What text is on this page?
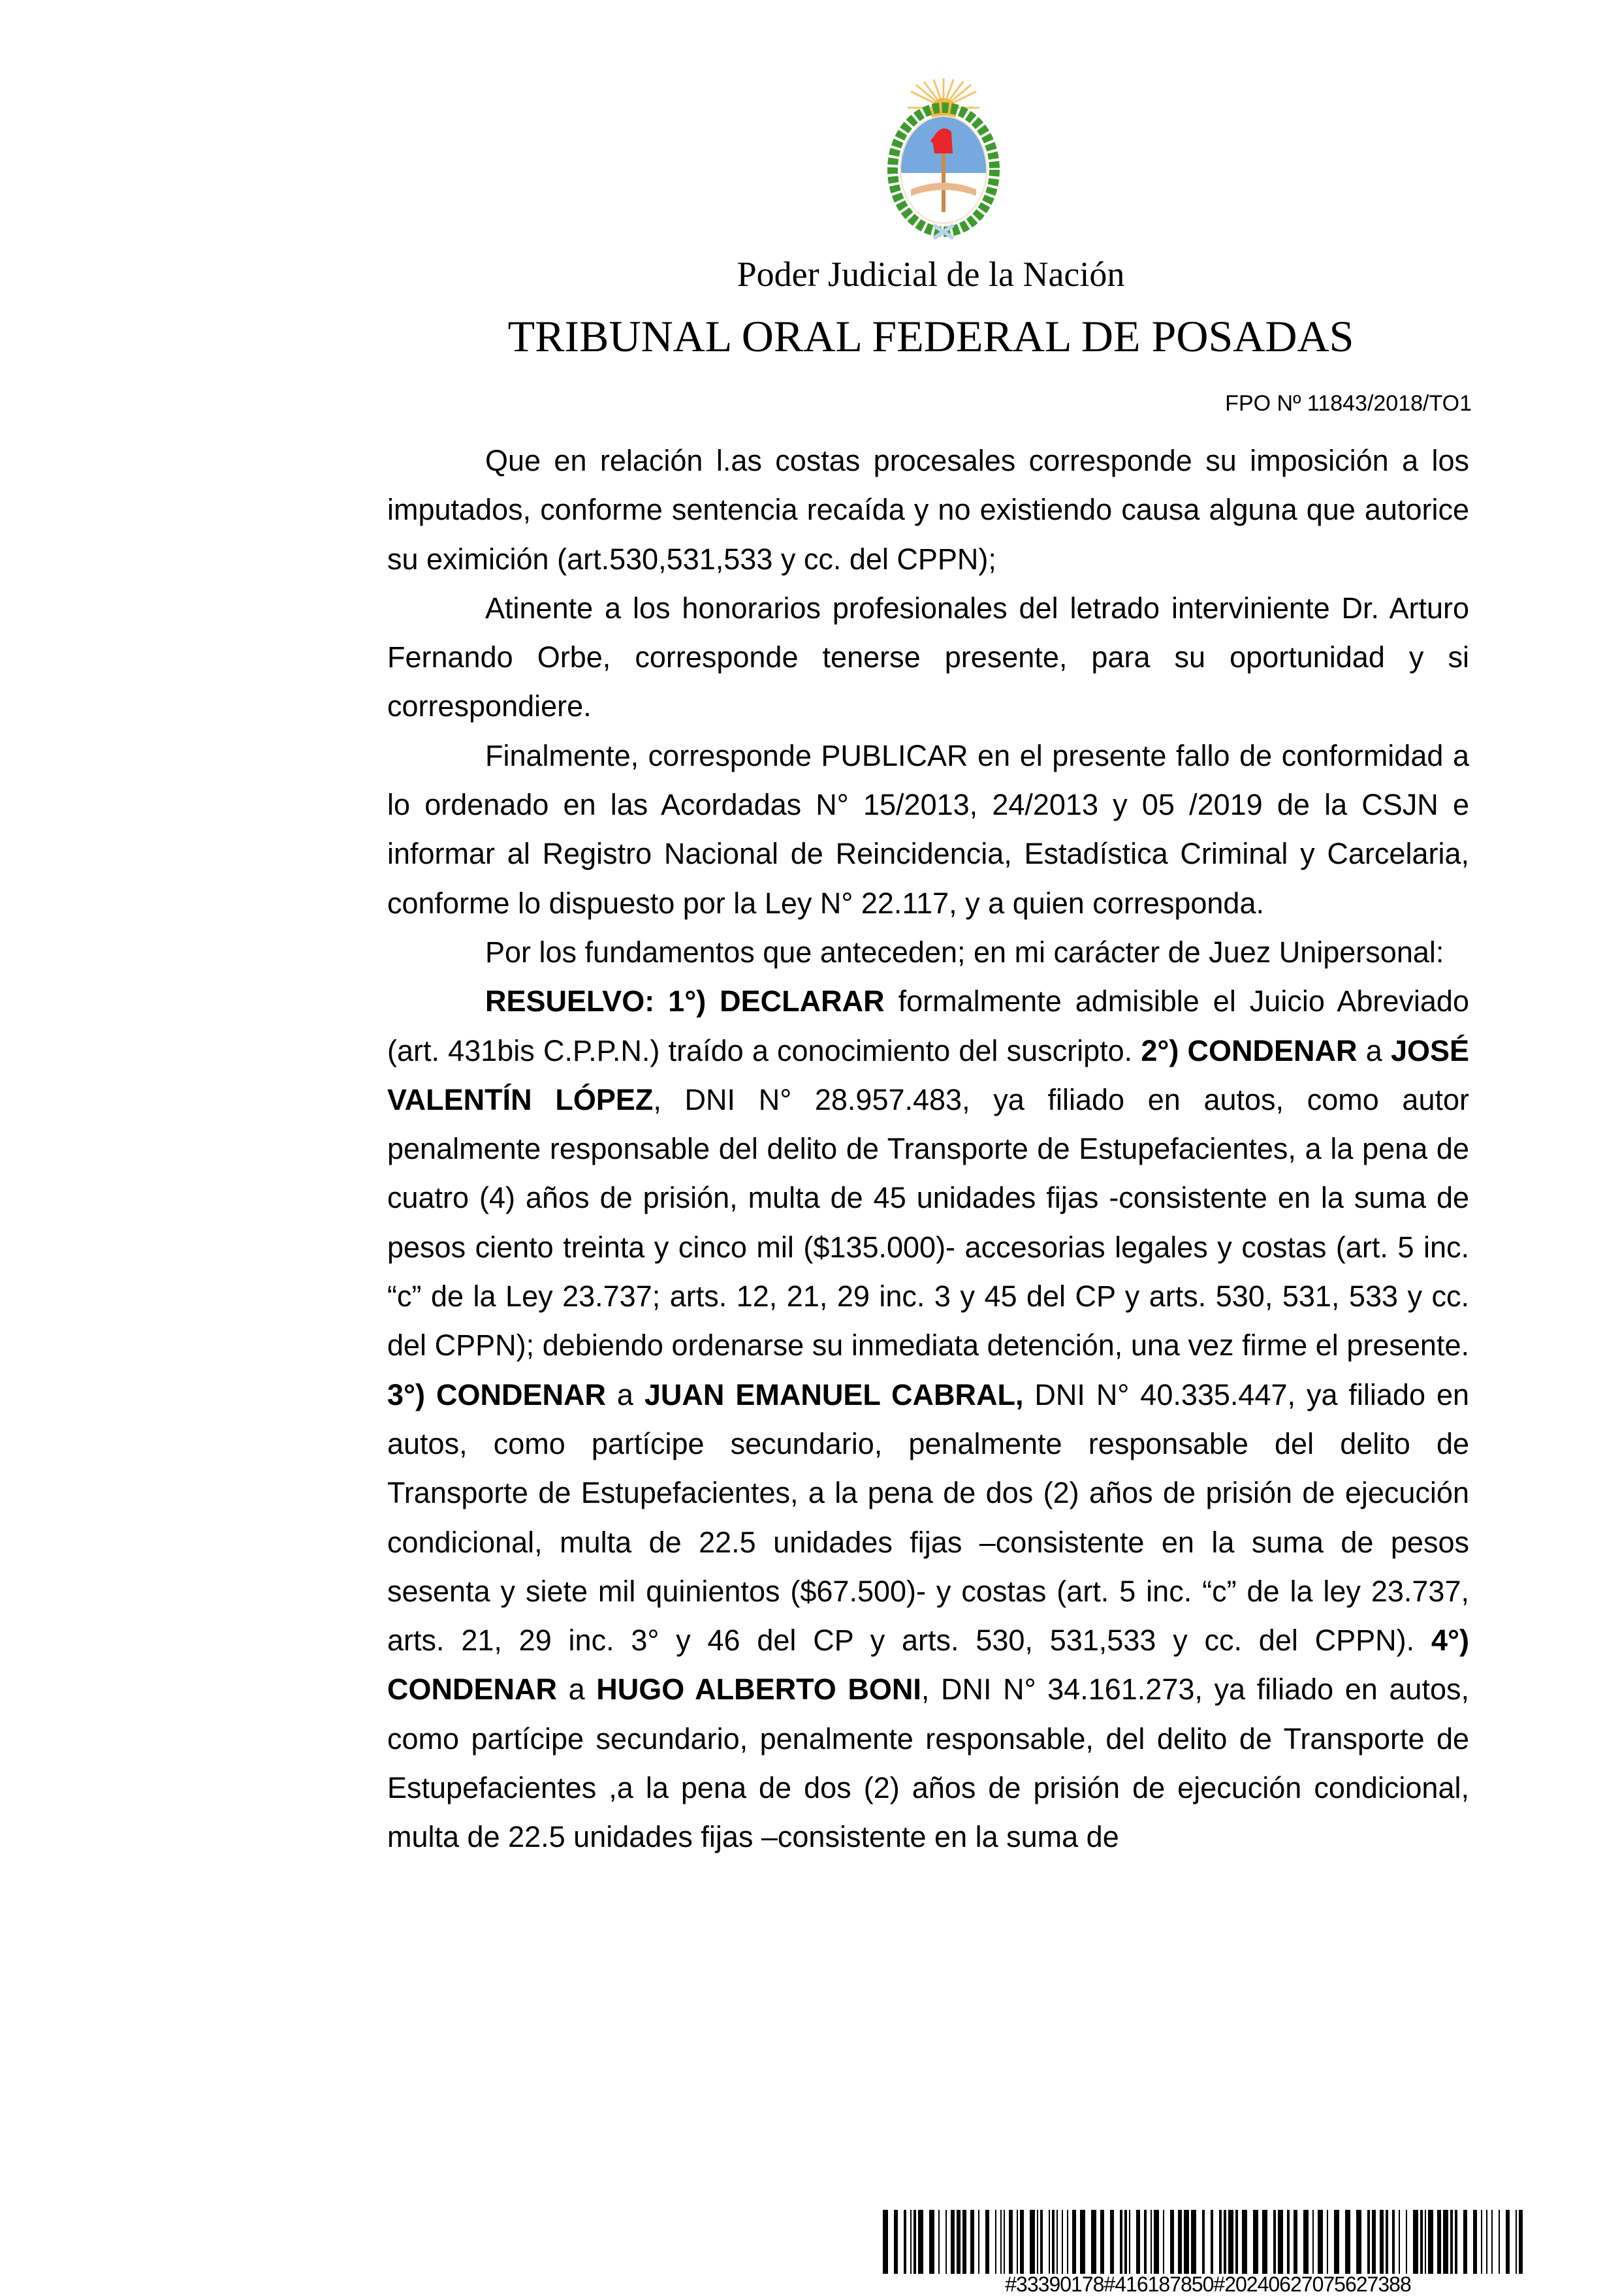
Poder Judicial de la Nación
TRIBUNAL ORAL FEDERAL DE POSADAS
FPO Nº 11843/2018/TO1

Que en relación l.as costas procesales corresponde su imposición a los imputados, conforme sentencia recaída y no existiendo causa alguna que autorice su eximición (art.530,531,533 y cc. del CPPN);

Atinente a los honorarios profesionales del letrado interviniente Dr. Arturo Fernando Orbe, corresponde tenerse presente, para su oportunidad y si correspondiere.

Finalmente, corresponde PUBLICAR en el presente fallo de conformidad a lo ordenado en las Acordadas N° 15/2013, 24/2013 y 05 /2019 de la CSJN e informar al Registro Nacional de Reincidencia, Estadística Criminal y Carcelaria, conforme lo dispuesto por la Ley N° 22.117, y a quien corresponda.

Por los fundamentos que anteceden; en mi carácter de Juez Unipersonal:

RESUELVO: 1°) DECLARAR formalmente admisible el Juicio Abreviado (art. 431bis C.P.P.N.) traído a conocimiento del suscripto. 2°) CONDENAR a JOSÉ VALENTÍN LÓPEZ, DNI N° 28.957.483, ya filiado en autos, como autor penalmente responsable del delito de Transporte de Estupefacientes, a la pena de cuatro (4) años de prisión, multa de 45 unidades fijas -consistente en la suma de pesos ciento treinta y cinco mil ($135.000)- accesorias legales y costas (art. 5 inc. “c” de la Ley 23.737; arts. 12, 21, 29 inc. 3 y 45 del CP y arts. 530, 531, 533 y cc. del CPPN); debiendo ordenarse su inmediata detención, una vez firme el presente. 3°) CONDENAR a JUAN EMANUEL CABRAL, DNI N° 40.335.447, ya filiado en autos, como partícipe secundario, penalmente responsable del delito de Transporte de Estupefacientes, a la pena de dos (2) años de prisión de ejecución condicional, multa de 22.5 unidades fijas –consistente en la suma de pesos sesenta y siete mil quinientos ($67.500)- y costas (art. 5 inc. “c” de la ley 23.737, arts. 21, 29 inc. 3° y 46 del CP y arts. 530, 531,533 y cc. del CPPN). 4°) CONDENAR a HUGO ALBERTO BONI, DNI N° 34.161.273, ya filiado en autos, como partícipe secundario, penalmente responsable, del delito de Transporte de Estupefacientes ,a la pena de dos (2) años de prisión de ejecución condicional, multa de 22.5 unidades fijas –consistente en la suma de

#33390178#416187850#20240627075627388
